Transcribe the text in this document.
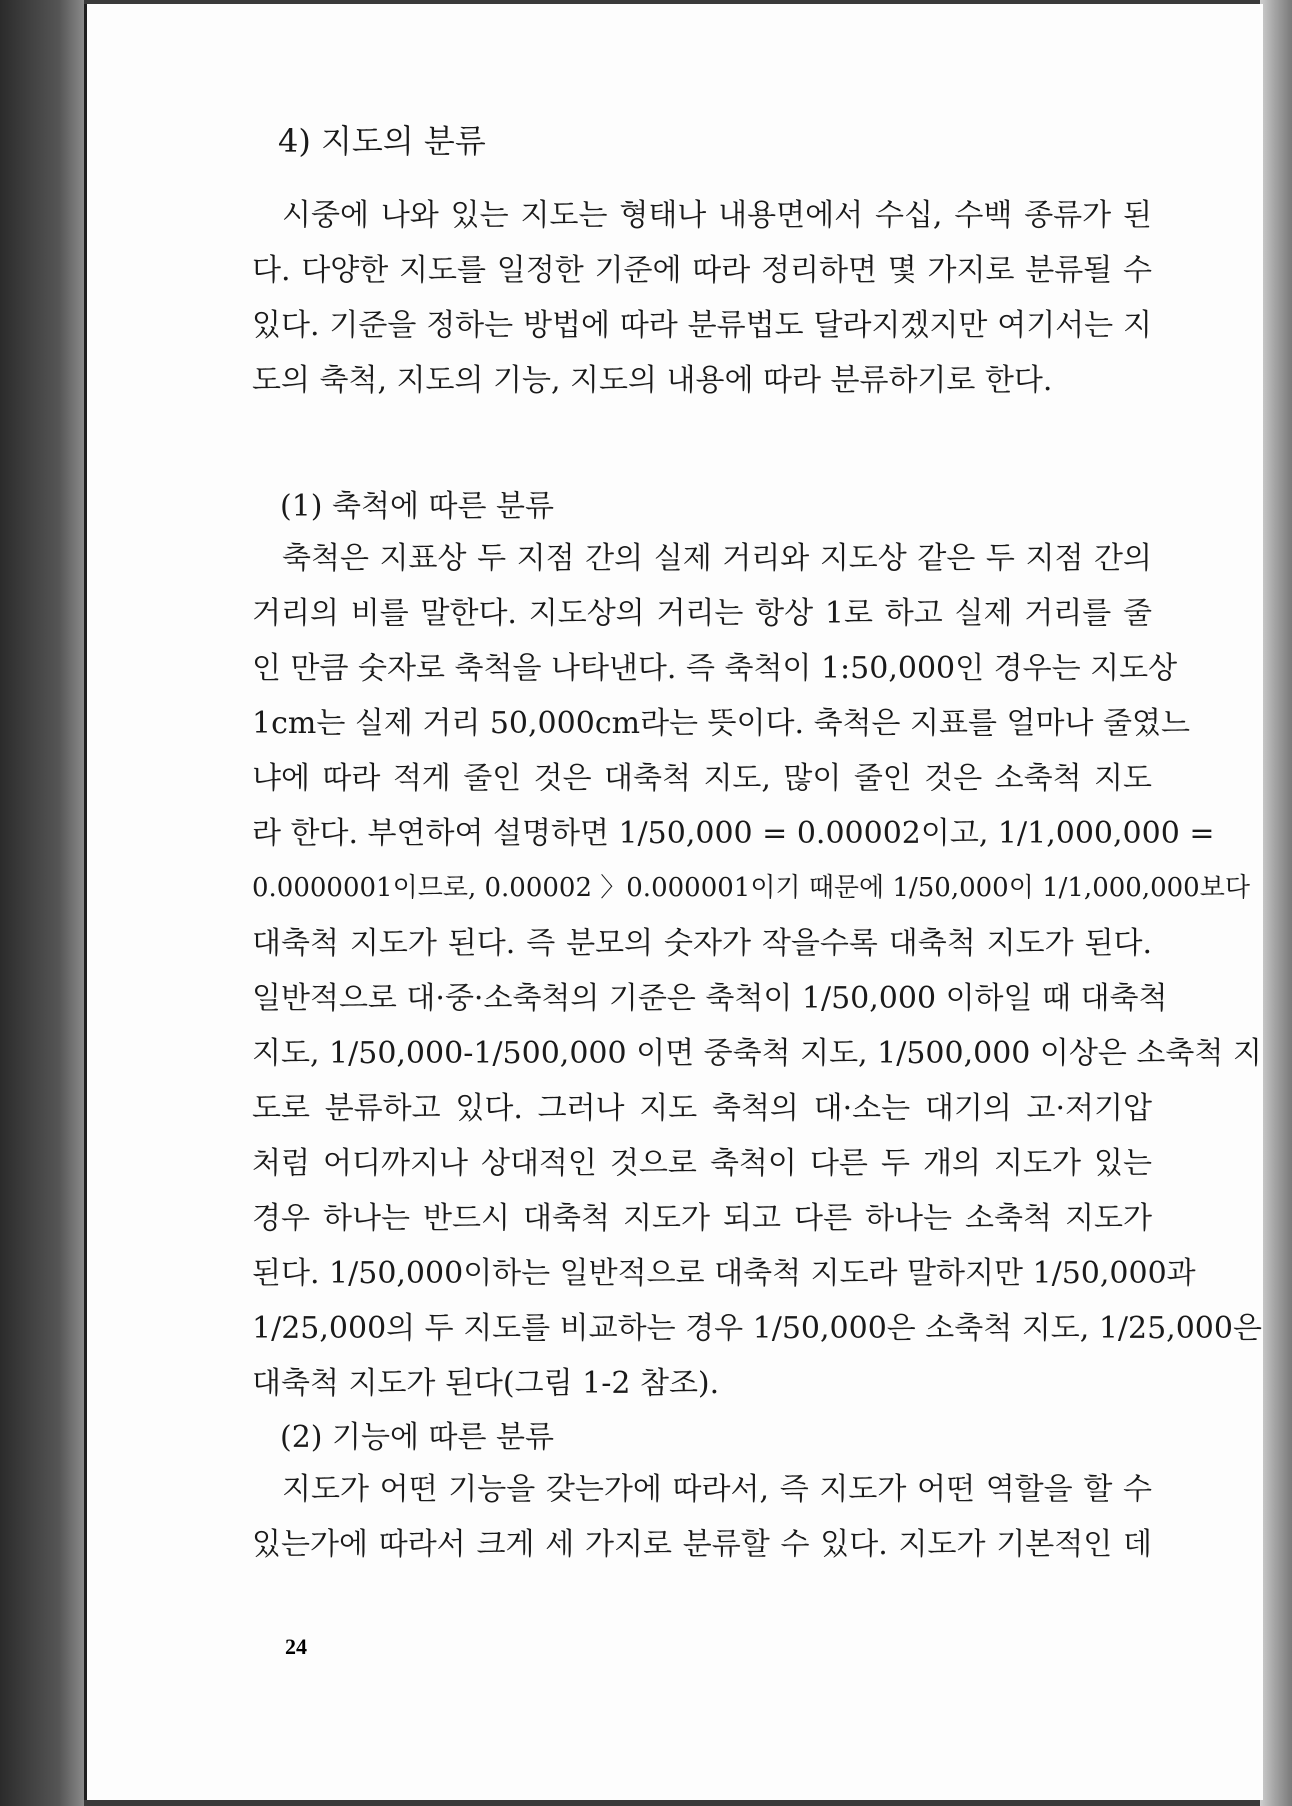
4) 지도의 분류
시중에 나와 있는 지도는 형태나 내용면에서 수십, 수백 종류가 된
다. 다양한 지도를 일정한 기준에 따라 정리하면 몇 가지로 분류될 수
있다. 기준을 정하는 방법에 따라 분류법도 달라지겠지만 여기서는 지
도의 축척, 지도의 기능, 지도의 내용에 따라 분류하기로 한다.
(1) 축척에 따른 분류
축척은 지표상 두 지점 간의 실제 거리와 지도상 같은 두 지점 간의
거리의 비를 말한다. 지도상의 거리는 항상 1로 하고 실제 거리를 줄
인 만큼 숫자로 축척을 나타낸다. 즉 축척이 1:50,000인 경우는 지도상
1cm는 실제 거리 50,000cm라는 뜻이다. 축척은 지표를 얼마나 줄였느
냐에 따라 적게 줄인 것은 대축척 지도, 많이 줄인 것은 소축척 지도
라 한다. 부연하여 설명하면 1/50,000 = 0.00002이고, 1/1,000,000 =
0.0000001이므로, 0.00002 〉0.000001이기 때문에 1/50,000이 1/1,000,000보다
대축척 지도가 된다. 즉 분모의 숫자가 작을수록 대축척 지도가 된다.
일반적으로 대·중·소축척의 기준은 축척이 1/50,000 이하일 때 대축척
지도, 1/50,000-1/500,000 이면 중축척 지도, 1/500,000 이상은 소축척 지
도로 분류하고 있다. 그러나 지도 축척의 대·소는 대기의 고·저기압
처럼 어디까지나 상대적인 것으로 축척이 다른 두 개의 지도가 있는
경우 하나는 반드시 대축척 지도가 되고 다른 하나는 소축척 지도가
된다. 1/50,000이하는 일반적으로 대축척 지도라 말하지만 1/50,000과
1/25,000의 두 지도를 비교하는 경우 1/50,000은 소축척 지도, 1/25,000은
대축척 지도가 된다(그림 1-2 참조).
(2) 기능에 따른 분류
지도가 어떤 기능을 갖는가에 따라서, 즉 지도가 어떤 역할을 할 수
있는가에 따라서 크게 세 가지로 분류할 수 있다. 지도가 기본적인 데
24
